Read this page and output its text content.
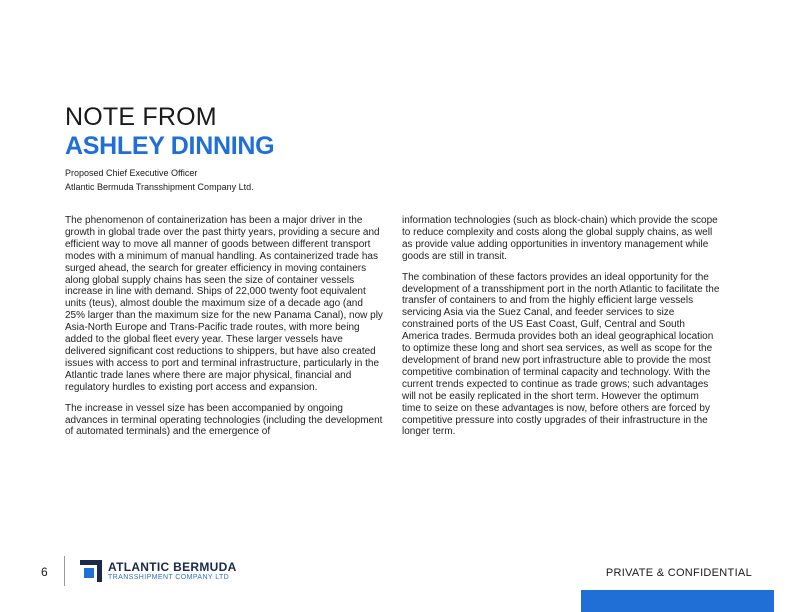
NOTE FROM
ASHLEY DINNING
Proposed Chief Executive Officer
Atlantic Bermuda Transshipment Company Ltd.

The phenomenon of containerization has been a major driver in the growth in global trade over the past thirty years, providing a secure and efficient way to move all manner of goods between different transport modes with a minimum of manual handling. As containerized trade has surged ahead, the search for greater efficiency in moving containers along global supply chains has seen the size of container vessels increase in line with demand. Ships of 22,000 twenty foot equivalent units (teus), almost double the maximum size of a decade ago (and 25% larger than the maximum size for the new Panama Canal), now ply Asia-North Europe and Trans-Pacific trade routes, with more being added to the global fleet every year. These larger vessels have delivered significant cost reductions to shippers, but have also created issues with access to port and terminal infrastructure, particularly in the Atlantic trade lanes where there are major physical, financial and regulatory hurdles to existing port access and expansion.

The increase in vessel size has been accompanied by ongoing advances in terminal operating technologies (including the development of automated terminals) and the emergence of

information technologies (such as block-chain) which provide the scope to reduce complexity and costs along the global supply chains, as well as provide value adding opportunities in inventory management while goods are still in transit.

The combination of these factors provides an ideal opportunity for the development of a transshipment port in the north Atlantic to facilitate the transfer of containers to and from the highly efficient large vessels servicing Asia via the Suez Canal, and feeder services to size constrained ports of the US East Coast, Gulf, Central and South America trades. Bermuda provides both an ideal geographical location to optimize these long and short sea services, as well as scope for the development of brand new port infrastructure able to provide the most competitive combination of terminal capacity and technology. With the current trends expected to continue as trade grows; such advantages will not be easily replicated in the short term. However the optimum time to seize on these advantages is now, before others are forced by competitive pressure into costly upgrades of their infrastructure in the longer term.

6	ATLANTIC BERMUDA
TRANSSHIPMENT COMPANY LTD	PRIVATE & CONFIDENTIAL
